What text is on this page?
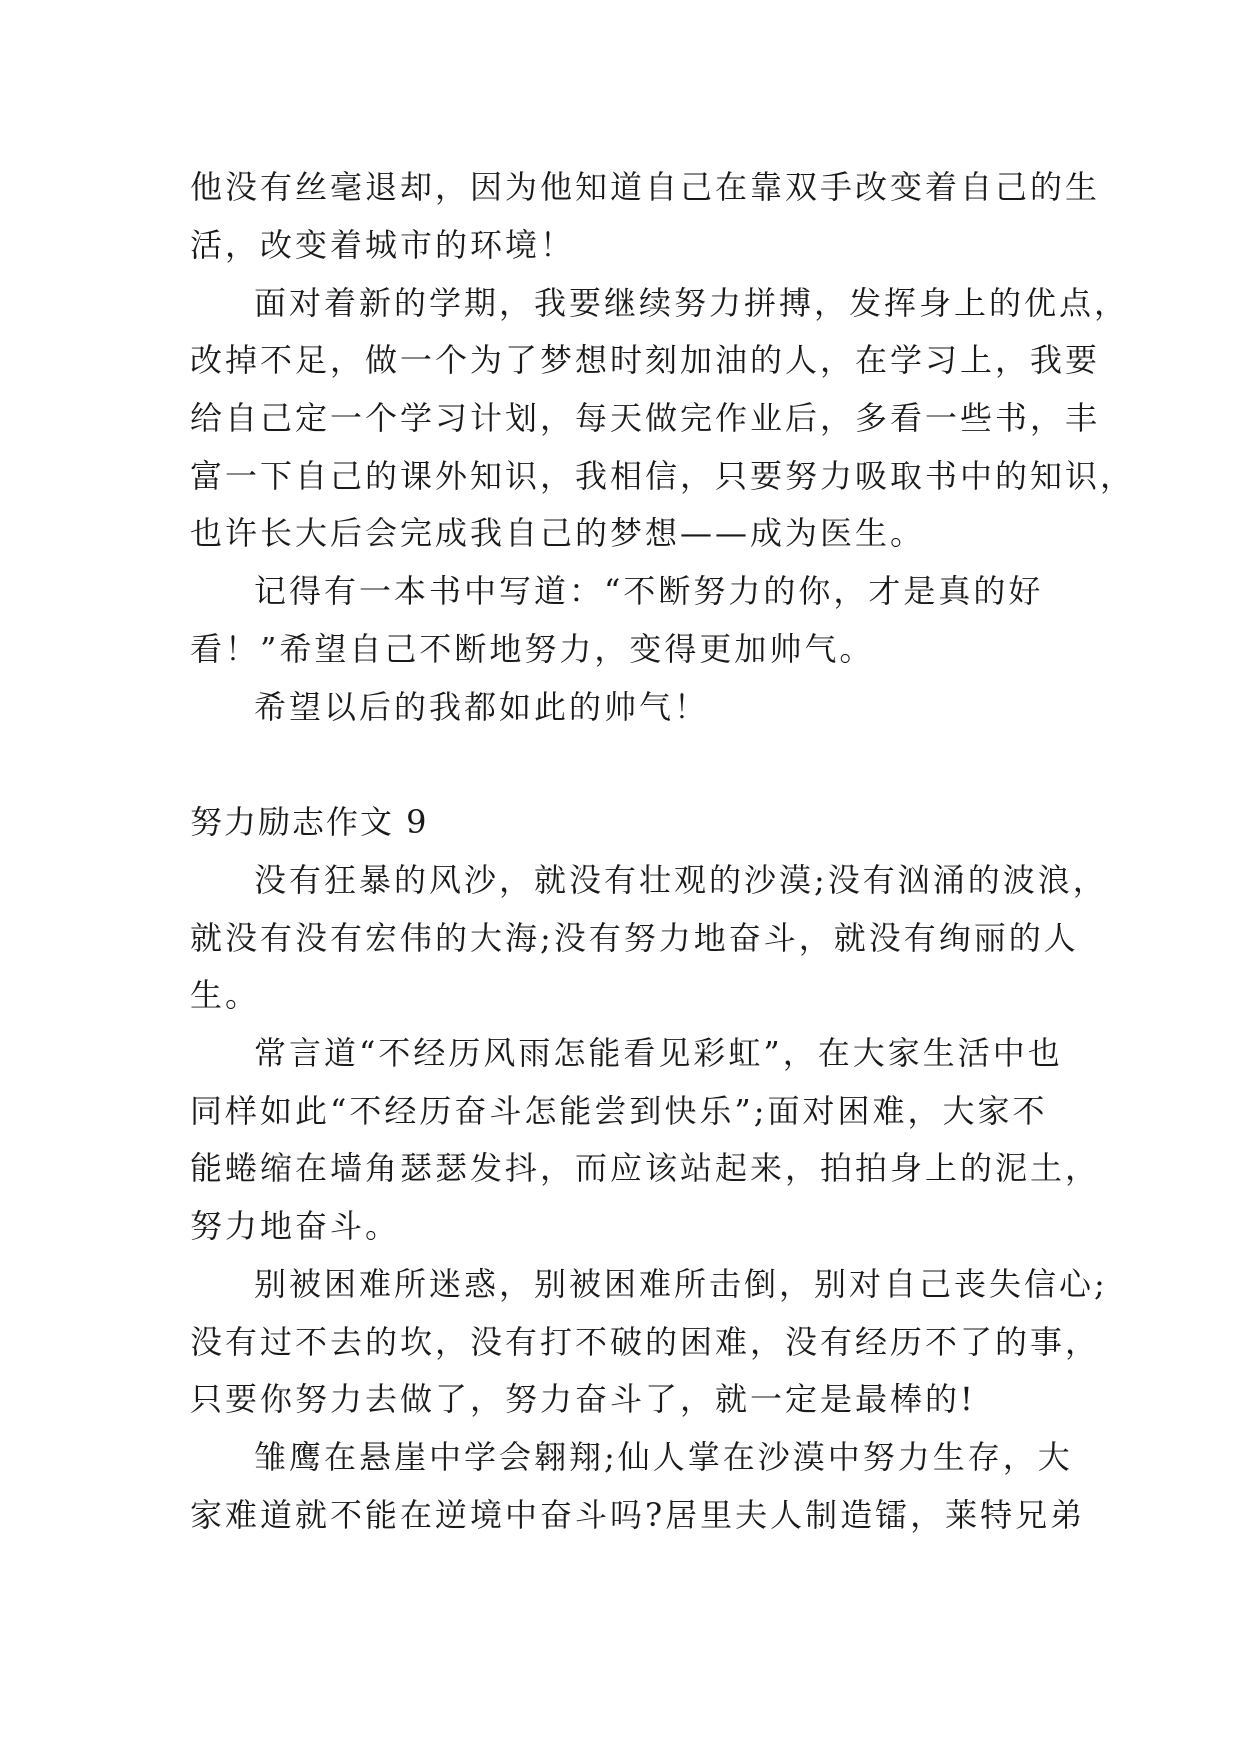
他没有丝毫退却，因为他知道自己在靠双手改变着自己的生
活，改变着城市的环境！
面对着新的学期，我要继续努力拼搏，发挥身上的优点，
改掉不足，做一个为了梦想时刻加油的人，在学习上，我要
给自己定一个学习计划，每天做完作业后，多看一些书，丰
富一下自己的课外知识，我相信，只要努力吸取书中的知识，
也许长大后会完成我自己的梦想——成为医生。
记得有一本书中写道：“不断努力的你，才是真的好
看！”希望自己不断地努力，变得更加帅气。
希望以后的我都如此的帅气！
努力励志作文 9
没有狂暴的风沙，就没有壮观的沙漠;没有汹涌的波浪，
就没有没有宏伟的大海;没有努力地奋斗，就没有绚丽的人
生。
常言道“不经历风雨怎能看见彩虹”，在大家生活中也
同样如此“不经历奋斗怎能尝到快乐”;面对困难，大家不
能蜷缩在墙角瑟瑟发抖，而应该站起来，拍拍身上的泥土，
努力地奋斗。
别被困难所迷惑，别被困难所击倒，别对自己丧失信心;
没有过不去的坎，没有打不破的困难，没有经历不了的事，
只要你努力去做了，努力奋斗了，就一定是最棒的!
雏鹰在悬崖中学会翱翔;仙人掌在沙漠中努力生存，大
家难道就不能在逆境中奋斗吗?居里夫人制造镭，莱特兄弟
